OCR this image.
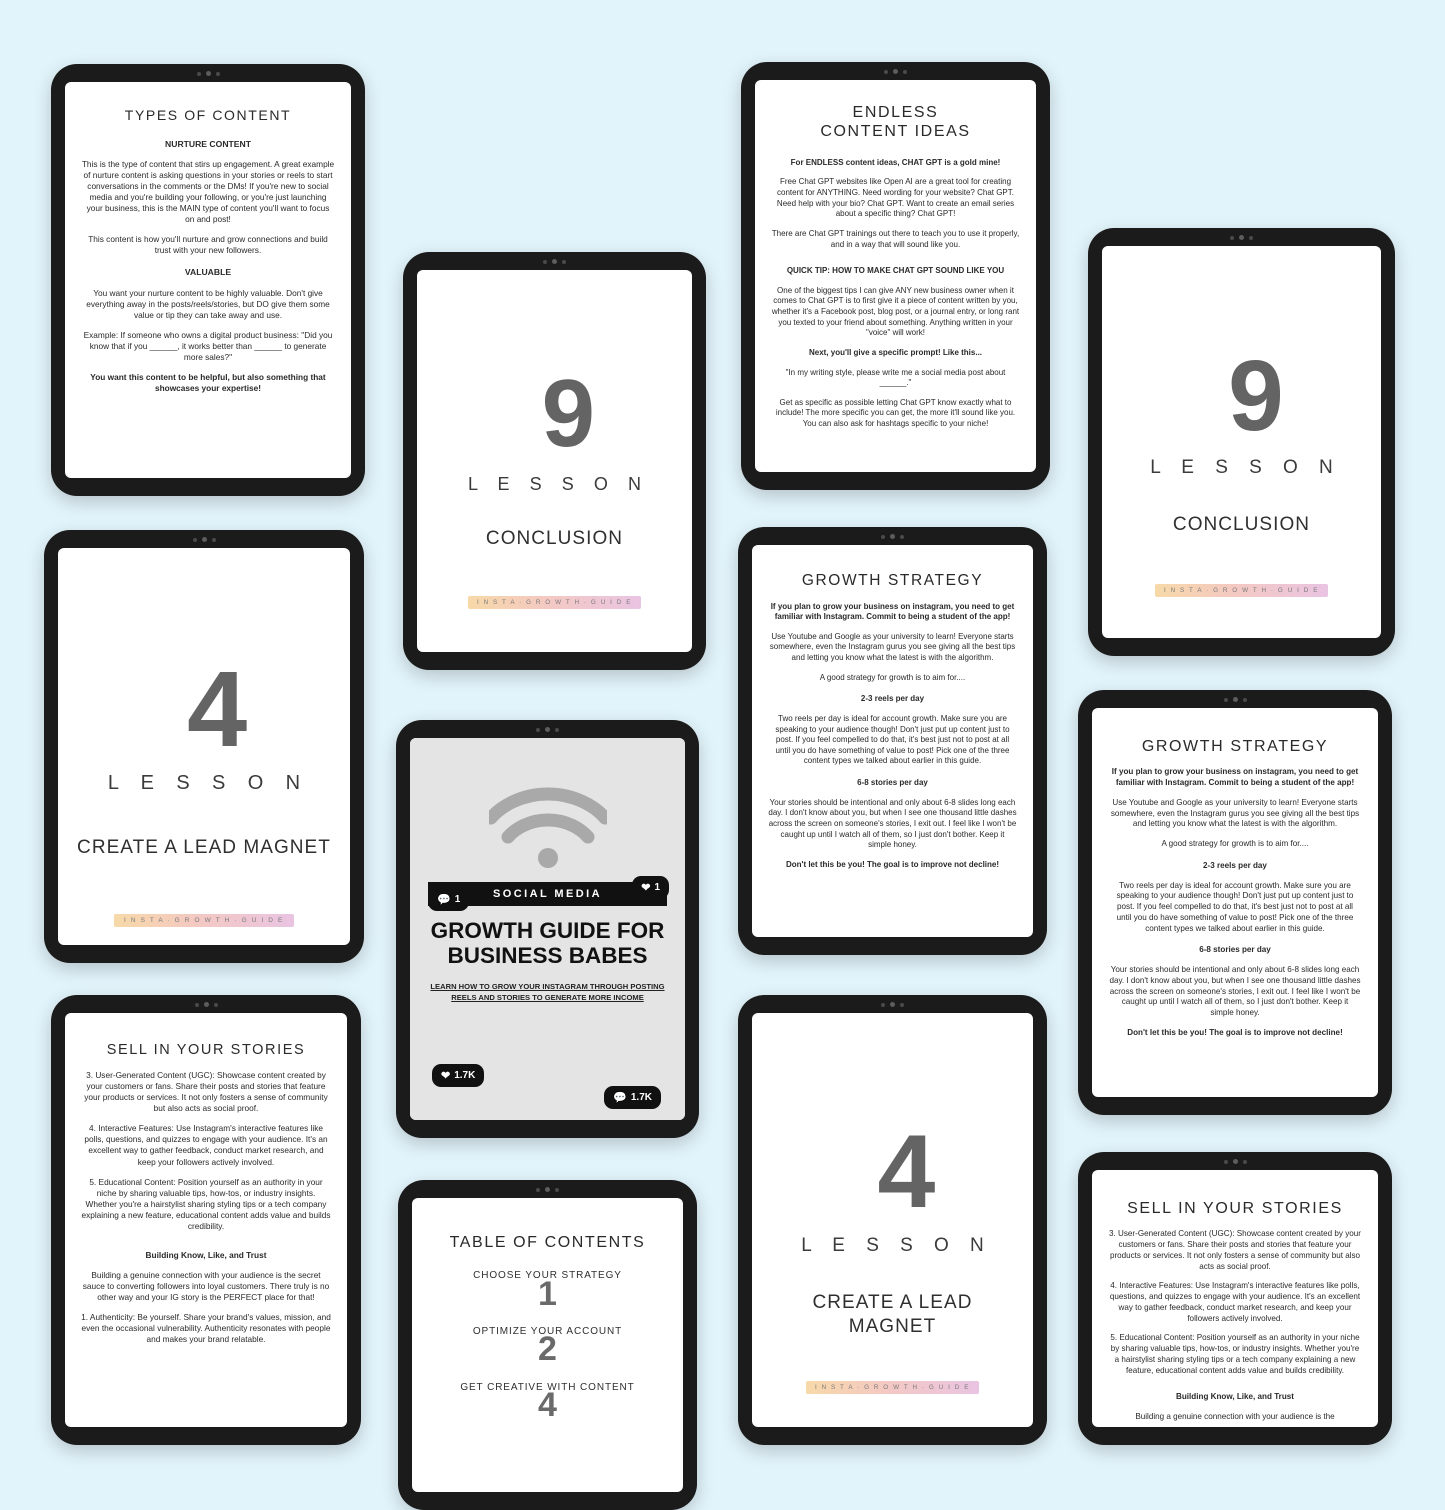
TYPES OF CONTENT
NURTURE CONTENT

This is the type of content that stirs up engagement. A great example of nurture content is asking questions in your stories or reels to start conversations in the comments or the DMs! If you're new to social media and you're building your following, or you're just launching your business, this is the MAIN type of content you'll want to focus on and post!

This content is how you'll nurture and grow connections and build trust with your new followers.

VALUABLE

You want your nurture content to be highly valuable. Don't give everything away in the posts/reels/stories, but DO give them some value or tip they can take away and use.

Example: If someone who owns a digital product business: "Did you know that if you ______, it works better than ______ to generate more sales?"

You want this content to be helpful, but also something that showcases your expertise!

4
L E S S O N
CREATE A LEAD MAGNET
I N S T A · G R O W T H · G U I D E
SELL IN YOUR STORIES

3. User-Generated Content (UGC): Showcase content created by your customers or fans. Share their posts and stories that feature your products or services. It not only fosters a sense of community but also acts as social proof.

4. Interactive Features: Use Instagram's interactive features like polls, questions, and quizzes to engage with your audience. It's an excellent way to gather feedback, conduct market research, and keep your followers actively involved.

5. Educational Content: Position yourself as an authority in your niche by sharing valuable tips, how-tos, or industry insights. Whether you're a hairstylist sharing styling tips or a tech company explaining a new feature, educational content adds value and builds credibility.

Building Know, Like, and Trust

Building a genuine connection with your audience is the secret sauce to converting followers into loyal customers. There truly is no other way and your IG story is the PERFECT place for that!

1. Authenticity: Be yourself. Share your brand's values, mission, and even the occasional vulnerability. Authenticity resonates with people and makes your brand relatable.

9
L E S S O N
CONCLUSION
I N S T A · G R O W T H · G U I D E
💬 1
❤ 1
SOCIAL MEDIA
GROWTH GUIDE FOR
BUSINESS BABES
LEARN HOW TO GROW YOUR INSTAGRAM THROUGH POSTING REELS AND STORIES TO GENERATE MORE INCOME
❤ 1.7K
💬 1.7K
TABLE OF CONTENTS
CHOOSE YOUR STRATEGY
1
OPTIMIZE YOUR ACCOUNT
2
GET CREATIVE WITH CONTENT
4
ENDLESS
CONTENT IDEAS

For ENDLESS content ideas, CHAT GPT is a gold mine!

Free Chat GPT websites like Open AI are a great tool for creating content for ANYTHING. Need wording for your website? Chat GPT. Need help with your bio? Chat GPT. Want to create an email series about a specific thing? Chat GPT!

There are Chat GPT trainings out there to teach you to use it properly, and in a way that will sound like you.

QUICK TIP: HOW TO MAKE CHAT GPT SOUND LIKE YOU

One of the biggest tips I can give ANY new business owner when it comes to Chat GPT is to first give it a piece of content written by you, whether it's a Facebook post, blog post, or a journal entry, or long rant you texted to your friend about something. Anything written in your "voice" will work!

Next, you'll give a specific prompt! Like this...

"In my writing style, please write me a social media post about ______."

Get as specific as possible letting Chat GPT know exactly what to include! The more specific you can get, the more it'll sound like you. You can also ask for hashtags specific to your niche!

GROWTH STRATEGY

If you plan to grow your business on instagram, you need to get familiar with Instagram. Commit to being a student of the app!

Use Youtube and Google as your university to learn! Everyone starts somewhere, even the Instagram gurus you see giving all the best tips and letting you know what the latest is with the algorithm.

A good strategy for growth is to aim for....

2-3 reels per day

Two reels per day is ideal for account growth. Make sure you are speaking to your audience though! Don't just put up content just to post. If you feel compelled to do that, it's best just not to post at all until you do have something of value to post! Pick one of the three content types we talked about earlier in this guide.

6-8 stories per day

Your stories should be intentional and only about 6-8 slides long each day. I don't know about you, but when I see one thousand little dashes across the screen on someone's stories, I exit out. I feel like I won't be caught up until I watch all of them, so I just don't bother. Keep it simple honey.

Don't let this be you! The goal is to improve not decline!

4
L E S S O N
CREATE A LEAD MAGNET
I N S T A · G R O W T H · G U I D E
9
L E S S O N
CONCLUSION
I N S T A · G R O W T H · G U I D E
GROWTH STRATEGY

If you plan to grow your business on instagram, you need to get familiar with Instagram. Commit to being a student of the app!

Use Youtube and Google as your university to learn! Everyone starts somewhere, even the Instagram gurus you see giving all the best tips and letting you know what the latest is with the algorithm.

A good strategy for growth is to aim for....

2-3 reels per day

Two reels per day is ideal for account growth. Make sure you are speaking to your audience though! Don't just put up content just to post. If you feel compelled to do that, it's best just not to post at all until you do have something of value to post! Pick one of the three content types we talked about earlier in this guide.

6-8 stories per day

Your stories should be intentional and only about 6-8 slides long each day. I don't know about you, but when I see one thousand little dashes across the screen on someone's stories, I exit out. I feel like I won't be caught up until I watch all of them, so I just don't bother. Keep it simple honey.

Don't let this be you! The goal is to improve not decline!

SELL IN YOUR STORIES

3. User-Generated Content (UGC): Showcase content created by your customers or fans. Share their posts and stories that feature your products or services. It not only fosters a sense of community but also acts as social proof.

4. Interactive Features: Use Instagram's interactive features like polls, questions, and quizzes to engage with your audience. It's an excellent way to gather feedback, conduct market research, and keep your followers actively involved.

5. Educational Content: Position yourself as an authority in your niche by sharing valuable tips, how-tos, or industry insights. Whether you're a hairstylist sharing styling tips or a tech company explaining a new feature, educational content adds value and builds credibility.

Building Know, Like, and Trust

Building a genuine connection with your audience is the
